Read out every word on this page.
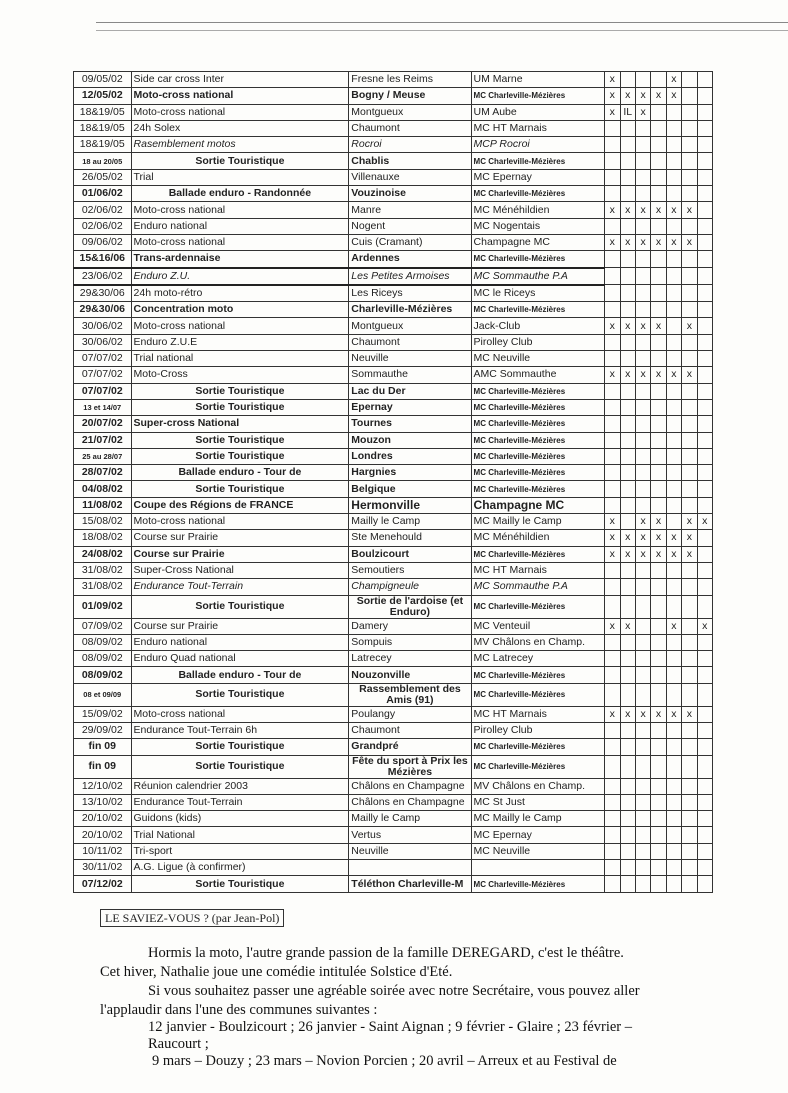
09/05/02	Side car cross Inter	Fresne les Reims	UM Marne	x				x		
12/05/02	Moto-cross national	Bogny / Meuse	MC Charleville-Mézières	x	x	x	x	x		
18&19/05	Moto-cross national	Montgueux	UM Aube	x	IL	x				
18&19/05	24h Solex	Chaumont	MC HT Marnais							
18&19/05	Rasemblement motos	Rocroi	MCP Rocroi							
18 au 20/05	Sortie Touristique	Chablis	MC Charleville-Mézières							
26/05/02	Trial	Villenauxe	MC Epernay							
01/06/02	Ballade enduro - Randonnée	Vouzinoise	MC Charleville-Mézières							
02/06/02	Moto-cross national	Manre	MC Ménéhildien	x	x	x	x	x	x	
02/06/02	Enduro national	Nogent	MC Nogentais							
09/06/02	Moto-cross national	Cuis (Cramant)	Champagne MC	x	x	x	x	x	x	
15&16/06	Trans-ardennaise	Ardennes	MC Charleville-Mézières							
23/06/02	Enduro Z.U.	Les Petites Armoises	MC Sommauthe P.A							
29&30/06	24h moto-rétro	Les Riceys	MC le Riceys							
29&30/06	Concentration moto	Charleville-Mézières	MC Charleville-Mézières							
30/06/02	Moto-cross national	Montgueux	Jack-Club	x	x	x	x		x	
30/06/02	Enduro Z.U.E	Chaumont	Pirolley Club							
07/07/02	Trial national	Neuville	MC Neuville							
07/07/02	Moto-Cross	Sommauthe	AMC Sommauthe	x	x	x	x	x	x	
07/07/02	Sortie Touristique	Lac du Der	MC Charleville-Mézières							
13 et 14/07	Sortie Touristique	Epernay	MC Charleville-Mézières							
20/07/02	Super-cross National	Tournes	MC Charleville-Mézières							
21/07/02	Sortie Touristique	Mouzon	MC Charleville-Mézières							
25 au 28/07	Sortie Touristique	Londres	MC Charleville-Mézières							
28/07/02	Ballade enduro - Tour de	Hargnies	MC Charleville-Mézières							
04/08/02	Sortie Touristique	Belgique	MC Charleville-Mézières							
11/08/02	Coupe des Régions de FRANCE	Hermonville	Champagne MC							
15/08/02	Moto-cross national	Mailly le Camp	MC Mailly le Camp	x		x	x		x	x
18/08/02	Course sur Prairie	Ste Menehould	MC Ménéhildien	x	x	x	x	x	x	
24/08/02	Course sur Prairie	Boulzicourt	MC Charleville-Mézières	x	x	x	x	x	x	
31/08/02	Super-Cross National	Semoutiers	MC HT Marnais							
31/08/02	Endurance Tout-Terrain	Champigneule	MC Sommauthe P.A							
01/09/02	Sortie Touristique	Sortie de l'ardoise (et Enduro)	MC Charleville-Mézières							
07/09/02	Course sur Prairie	Damery	MC Venteuil	x	x			x		x
08/09/02	Enduro national	Sompuis	MV Châlons en Champ.							
08/09/02	Enduro Quad national	Latrecey	MC Latrecey							
08/09/02	Ballade enduro - Tour de	Nouzonville	MC Charleville-Mézières							
08 et 09/09	Sortie Touristique	Rassemblement des Amis (91)	MC Charleville-Mézières							
15/09/02	Moto-cross national	Poulangy	MC HT Marnais	x	x	x	x	x	x	
29/09/02	Endurance Tout-Terrain 6h	Chaumont	Pirolley Club							
fin 09	Sortie Touristique	Grandpré	MC Charleville-Mézières							
fin 09	Sortie Touristique	Fête du sport à Prix les Mézières	MC Charleville-Mézières							
12/10/02	Réunion calendrier 2003	Châlons en Champagne	MV Châlons en Champ.							
13/10/02	Endurance Tout-Terrain	Châlons en Champagne	MC St Just							
20/10/02	Guidons (kids)	Mailly le Camp	MC Mailly le Camp							
20/10/02	Trial National	Vertus	MC Epernay							
10/11/02	Tri-sport	Neuville	MC Neuville							
30/11/02	A.G. Ligue (à confirmer)									
07/12/02	Sortie Touristique	Téléthon Charleville-M	MC Charleville-Mézières							
LE SAVIEZ-VOUS ? (par Jean-Pol)
Hormis la moto, l'autre grande passion de la famille DEREGARD, c'est le théâtre.
Cet hiver, Nathalie joue une comédie intitulée Solstice d'Eté.
Si vous souhaitez passer une agréable soirée avec notre Secrétaire, vous pouvez aller
l'applaudir dans l'une des communes suivantes :
12 janvier - Boulzicourt ; 26 janvier - Saint Aignan ; 9 février - Glaire ; 23 février –
Raucourt ;
9 mars – Douzy ; 23 mars – Novion Porcien ; 20 avril – Arreux et au Festival de
